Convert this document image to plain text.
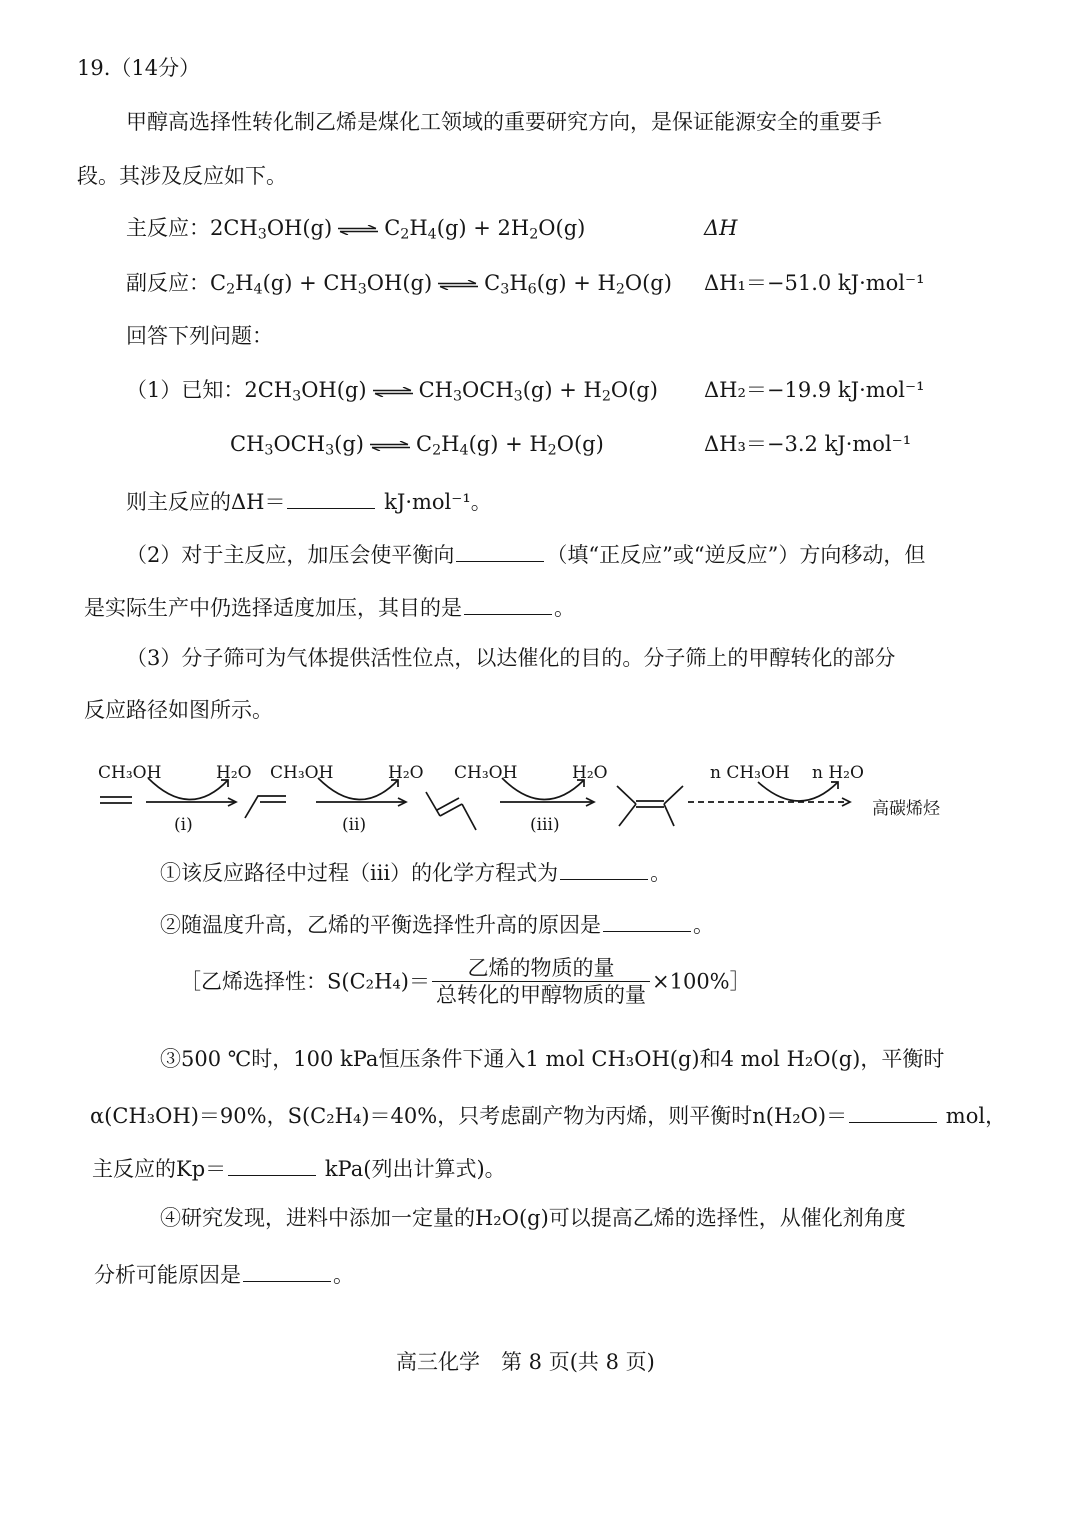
19.（14分）
甲醇高选择性转化制乙烯是煤化工领域的重要研究方向，是保证能源安全的重要手
段。其涉及反应如下。
主反应：$2CH_3OH(g) C_2H_4(g) + 2H_2O(g)$	ΔH
副反应：$C_2H_4(g) + CH_3OH(g) C_3H_6(g) + H_2O(g)$ ΔH₁＝−51.0 kJ·mol⁻¹
回答下列问题：
（1）已知：$2CH_3OH(g) CH_3OCH_3(g) + H_2O(g)$ ΔH₂＝−19.9 kJ·mol⁻¹
$CH_3OCH_3(g) C_2H_4(g) + H_2O(g)$	ΔH₃＝−3.2 kJ·mol⁻¹
则主反应的ΔH＝	kJ·mol⁻¹。
（2）对于主反应，加压会使平衡向	（填“正反应”或“逆反应”）方向移动，但
是实际生产中仍选择适度加压，其目的是	。
（3）分子筛可为气体提供活性位点，以达催化的目的。分子筛上的甲醇转化的部分
反应路径如图所示。
CH₃OH	H₂O
(ⅰ)
CH₃OH	H₂O
(ⅱ)
CH₃OH	H₂O
(ⅲ)
n CH₃OH n H₂O
高碳烯烃
①该反应路径中过程（ⅲ）的化学方程式为	。
②随温度升高，乙烯的平衡选择性升高的原因是	。
［乙烯选择性：$S(C_2H_4)= \frac{\text{乙烯的物质的量}}{\text{总转化的甲醇物质的量}}$ ×100%］
③500 ℃时，100 kPa恒压条件下通入1 mol CH₃OH(g)和4 mol H₂O(g)，平衡时
α(CH₃OH)＝90%，S(C₂H₄)＝40%，只考虑副产物为丙烯，则平衡时n(H₂O)＝	mol，
主反应的Kp＝	kPa(列出计算式)。
④研究发现，进料中添加一定量的H₂O(g)可以提高乙烯的选择性，从催化剂角度
分析可能原因是	。
高三化学　第 8 页(共 8 页)
